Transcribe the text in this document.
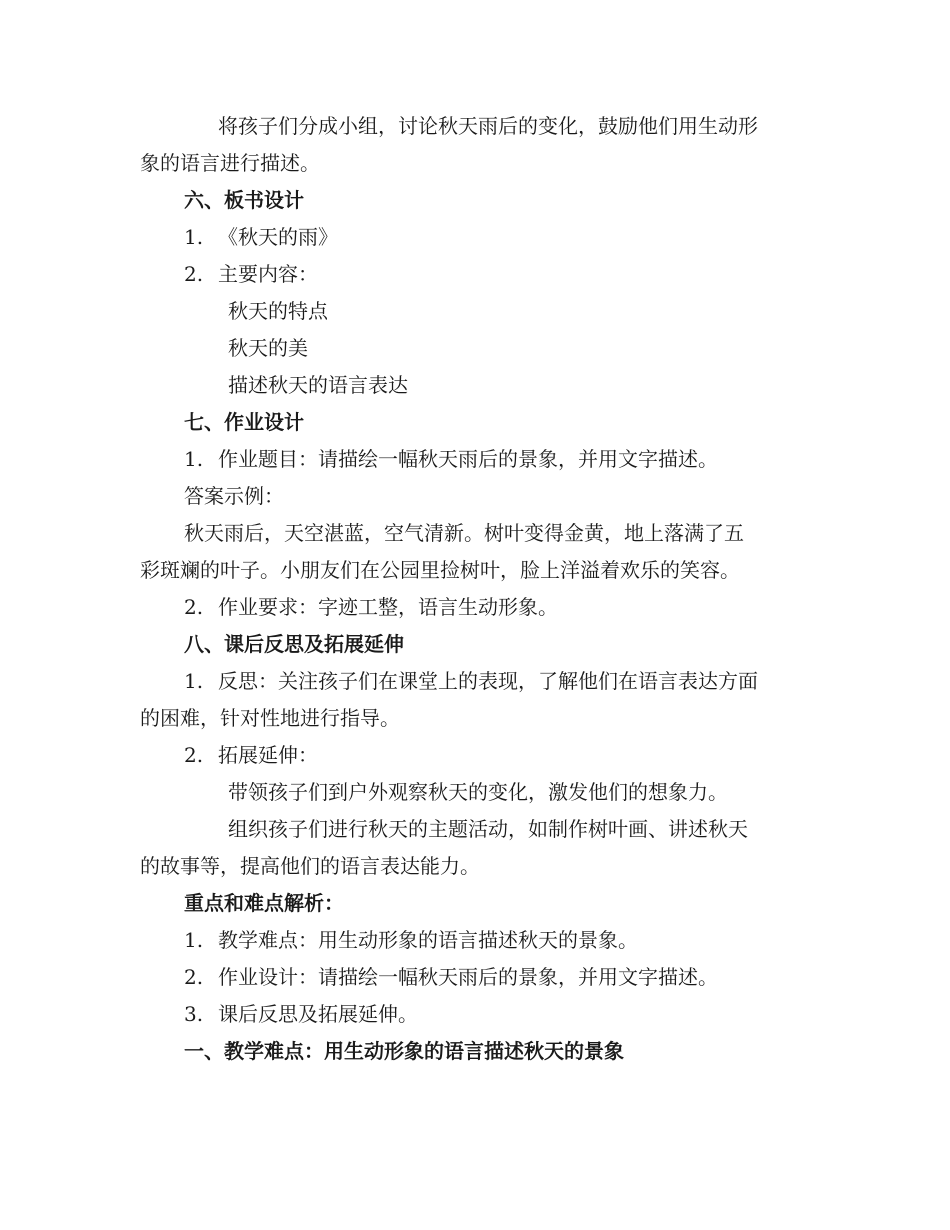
将孩子们分成小组，讨论秋天雨后的变化，鼓励他们用生动形

象的语言进行描述。

六、板书设计

1. 《秋天的雨》

2. 主要内容：

秋天的特点

秋天的美

描述秋天的语言表达

七、作业设计

1. 作业题目：请描绘一幅秋天雨后的景象，并用文字描述。

答案示例：

秋天雨后，天空湛蓝，空气清新。树叶变得金黄，地上落满了五

彩斑斓的叶子。小朋友们在公园里捡树叶，脸上洋溢着欢乐的笑容。

2. 作业要求：字迹工整，语言生动形象。

八、课后反思及拓展延伸

1. 反思：关注孩子们在课堂上的表现，了解他们在语言表达方面

的困难，针对性地进行指导。

2. 拓展延伸：

带领孩子们到户外观察秋天的变化，激发他们的想象力。

组织孩子们进行秋天的主题活动，如制作树叶画、讲述秋天

的故事等，提高他们的语言表达能力。

重点和难点解析：

1. 教学难点：用生动形象的语言描述秋天的景象。

2. 作业设计：请描绘一幅秋天雨后的景象，并用文字描述。

3. 课后反思及拓展延伸。

一、教学难点：用生动形象的语言描述秋天的景象
